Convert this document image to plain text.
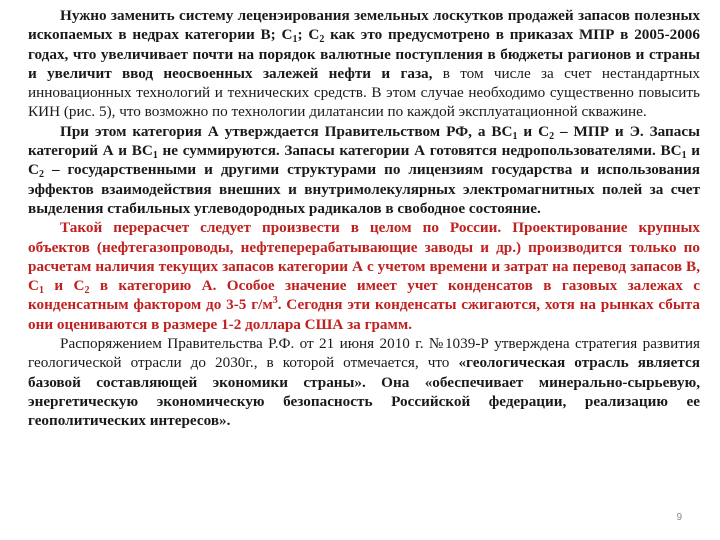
Нужно заменить систему леценэирования земельных лоскутков продажей запасов полезных ископаемых в недрах категории В; $С_1$; $С_2$ как это предусмотрено в приказах МПР в 2005-2006 годах, что увеличивает почти на порядок валютные поступления в бюджеты рагионов и страны и увеличит ввод неосвоенных залежей нефти и газа, в том числе за счет нестандартных инновационных технологий и технических средств. В этом случае необходимо существенно повысить КИН (рис. 5), что возможно по технологии дилатансии по каждой эксплуатационной скважине.

При этом категория А утверждается Правительством РФ, а $ВС_1$ и $С_2$ – МПР и Э. Запасы категорий А и $ВС_1$ не суммируются. Запасы категории А готовятся недропользователями. $ВС_1$ и $С_2$ – государственными и другими структурами по лицензиям государства и использования эффектов взаимодействия внешних и внутримолекулярных электромагнитных полей за счет выделения стабильных углеводородных радикалов в свободное состояние.

Такой перерасчет следует произвести в целом по России. Проектирование крупных объектов (нефтегазопроводы, нефтеперерабатывающие заводы и др.) производится только по расчетам наличия текущих запасов категории А с учетом времени и затрат на перевод запасов В, $С_1$ и $С_2$ в категорию А. Особое значение имеет учет конденсатов в газовых залежах с конденсатным фактором до 3-5 $г/м^3$. Сегодня эти конденсаты сжигаются, хотя на рынках сбыта они оцениваются в размере 1-2 доллара США за грамм.

Распоряжением Правительства Р.Ф. от 21 июня 2010 г. №1039-Р утверждена стратегия развития геологической отрасли до 2030г., в которой отмечается, что «геологическая отрасль является базовой составляющей экономики страны». Она «обеспечивает минерально-сырьевую, энергетическую экономическую безопасность Российской федерации, реализацию ее геополитических интересов».

9
